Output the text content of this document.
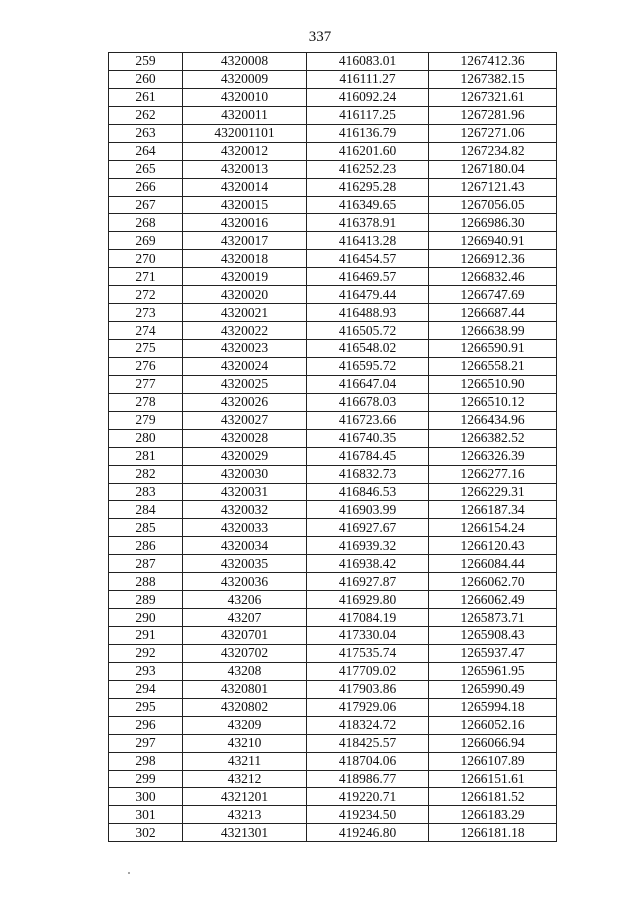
337
259	4320008	416083.01	1267412.36
260	4320009	416111.27	1267382.15
261	4320010	416092.24	1267321.61
262	4320011	416117.25	1267281.96
263	432001101	416136.79	1267271.06
264	4320012	416201.60	1267234.82
265	4320013	416252.23	1267180.04
266	4320014	416295.28	1267121.43
267	4320015	416349.65	1267056.05
268	4320016	416378.91	1266986.30
269	4320017	416413.28	1266940.91
270	4320018	416454.57	1266912.36
271	4320019	416469.57	1266832.46
272	4320020	416479.44	1266747.69
273	4320021	416488.93	1266687.44
274	4320022	416505.72	1266638.99
275	4320023	416548.02	1266590.91
276	4320024	416595.72	1266558.21
277	4320025	416647.04	1266510.90
278	4320026	416678.03	1266510.12
279	4320027	416723.66	1266434.96
280	4320028	416740.35	1266382.52
281	4320029	416784.45	1266326.39
282	4320030	416832.73	1266277.16
283	4320031	416846.53	1266229.31
284	4320032	416903.99	1266187.34
285	4320033	416927.67	1266154.24
286	4320034	416939.32	1266120.43
287	4320035	416938.42	1266084.44
288	4320036	416927.87	1266062.70
289	43206	416929.80	1266062.49
290	43207	417084.19	1265873.71
291	4320701	417330.04	1265908.43
292	4320702	417535.74	1265937.47
293	43208	417709.02	1265961.95
294	4320801	417903.86	1265990.49
295	4320802	417929.06	1265994.18
296	43209	418324.72	1266052.16
297	43210	418425.57	1266066.94
298	43211	418704.06	1266107.89
299	43212	418986.77	1266151.61
300	4321201	419220.71	1266181.52
301	43213	419234.50	1266183.29
302	4321301	419246.80	1266181.18
